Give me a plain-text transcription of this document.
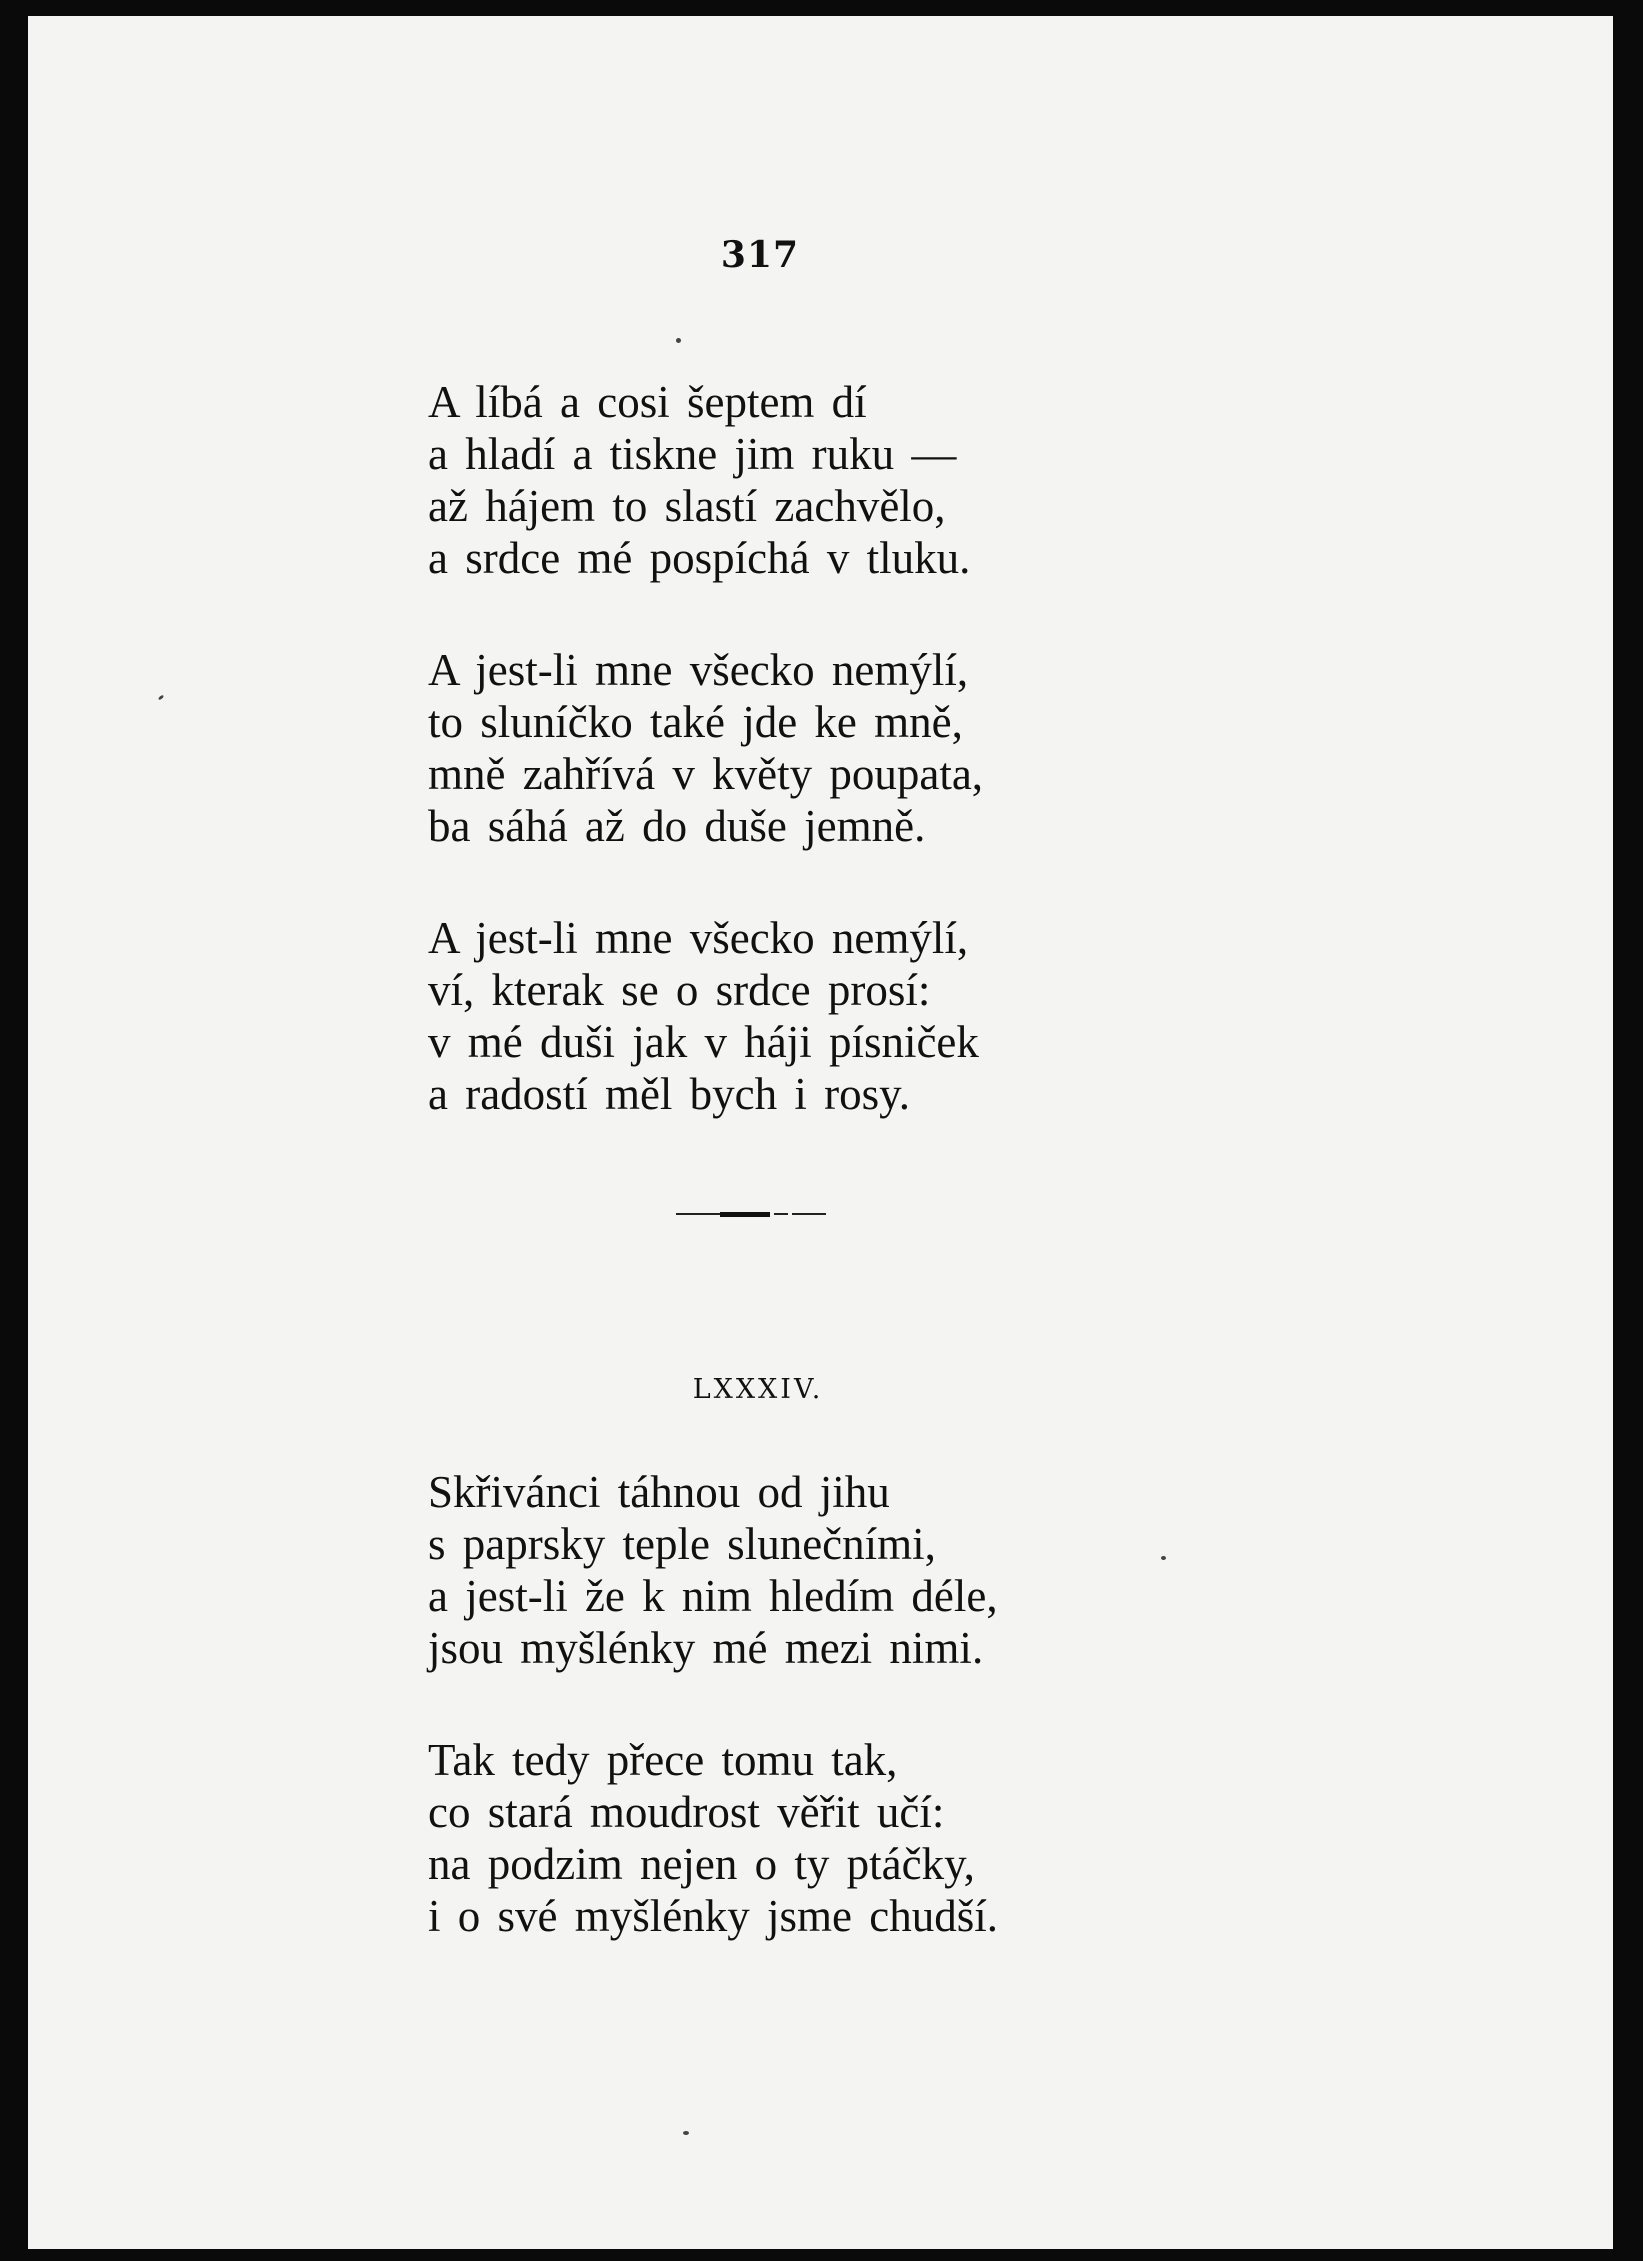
317
A líbá a cosi šeptem dí
a hladí a tiskne jim ruku —
až hájem to slastí zachvělo,
a srdce mé pospíchá v tluku.
A jest-li mne všecko nemýlí,
to sluníčko také jde ke mně,
mně zahřívá v květy poupata,
ba sáhá až do duše jemně.
A jest-li mne všecko nemýlí,
ví, kterak se o srdce prosí:
v mé duši jak v háji písniček
a radostí měl bych i rosy.
LXXXIV.
Skřivánci táhnou od jihu
s paprsky teple slunečními,
a jest-li že k nim hledím déle,
jsou myšlénky mé mezi nimi.
Tak tedy přece tomu tak,
co stará moudrost věřit učí:
na podzim nejen o ty ptáčky,
i o své myšlénky jsme chudší.
